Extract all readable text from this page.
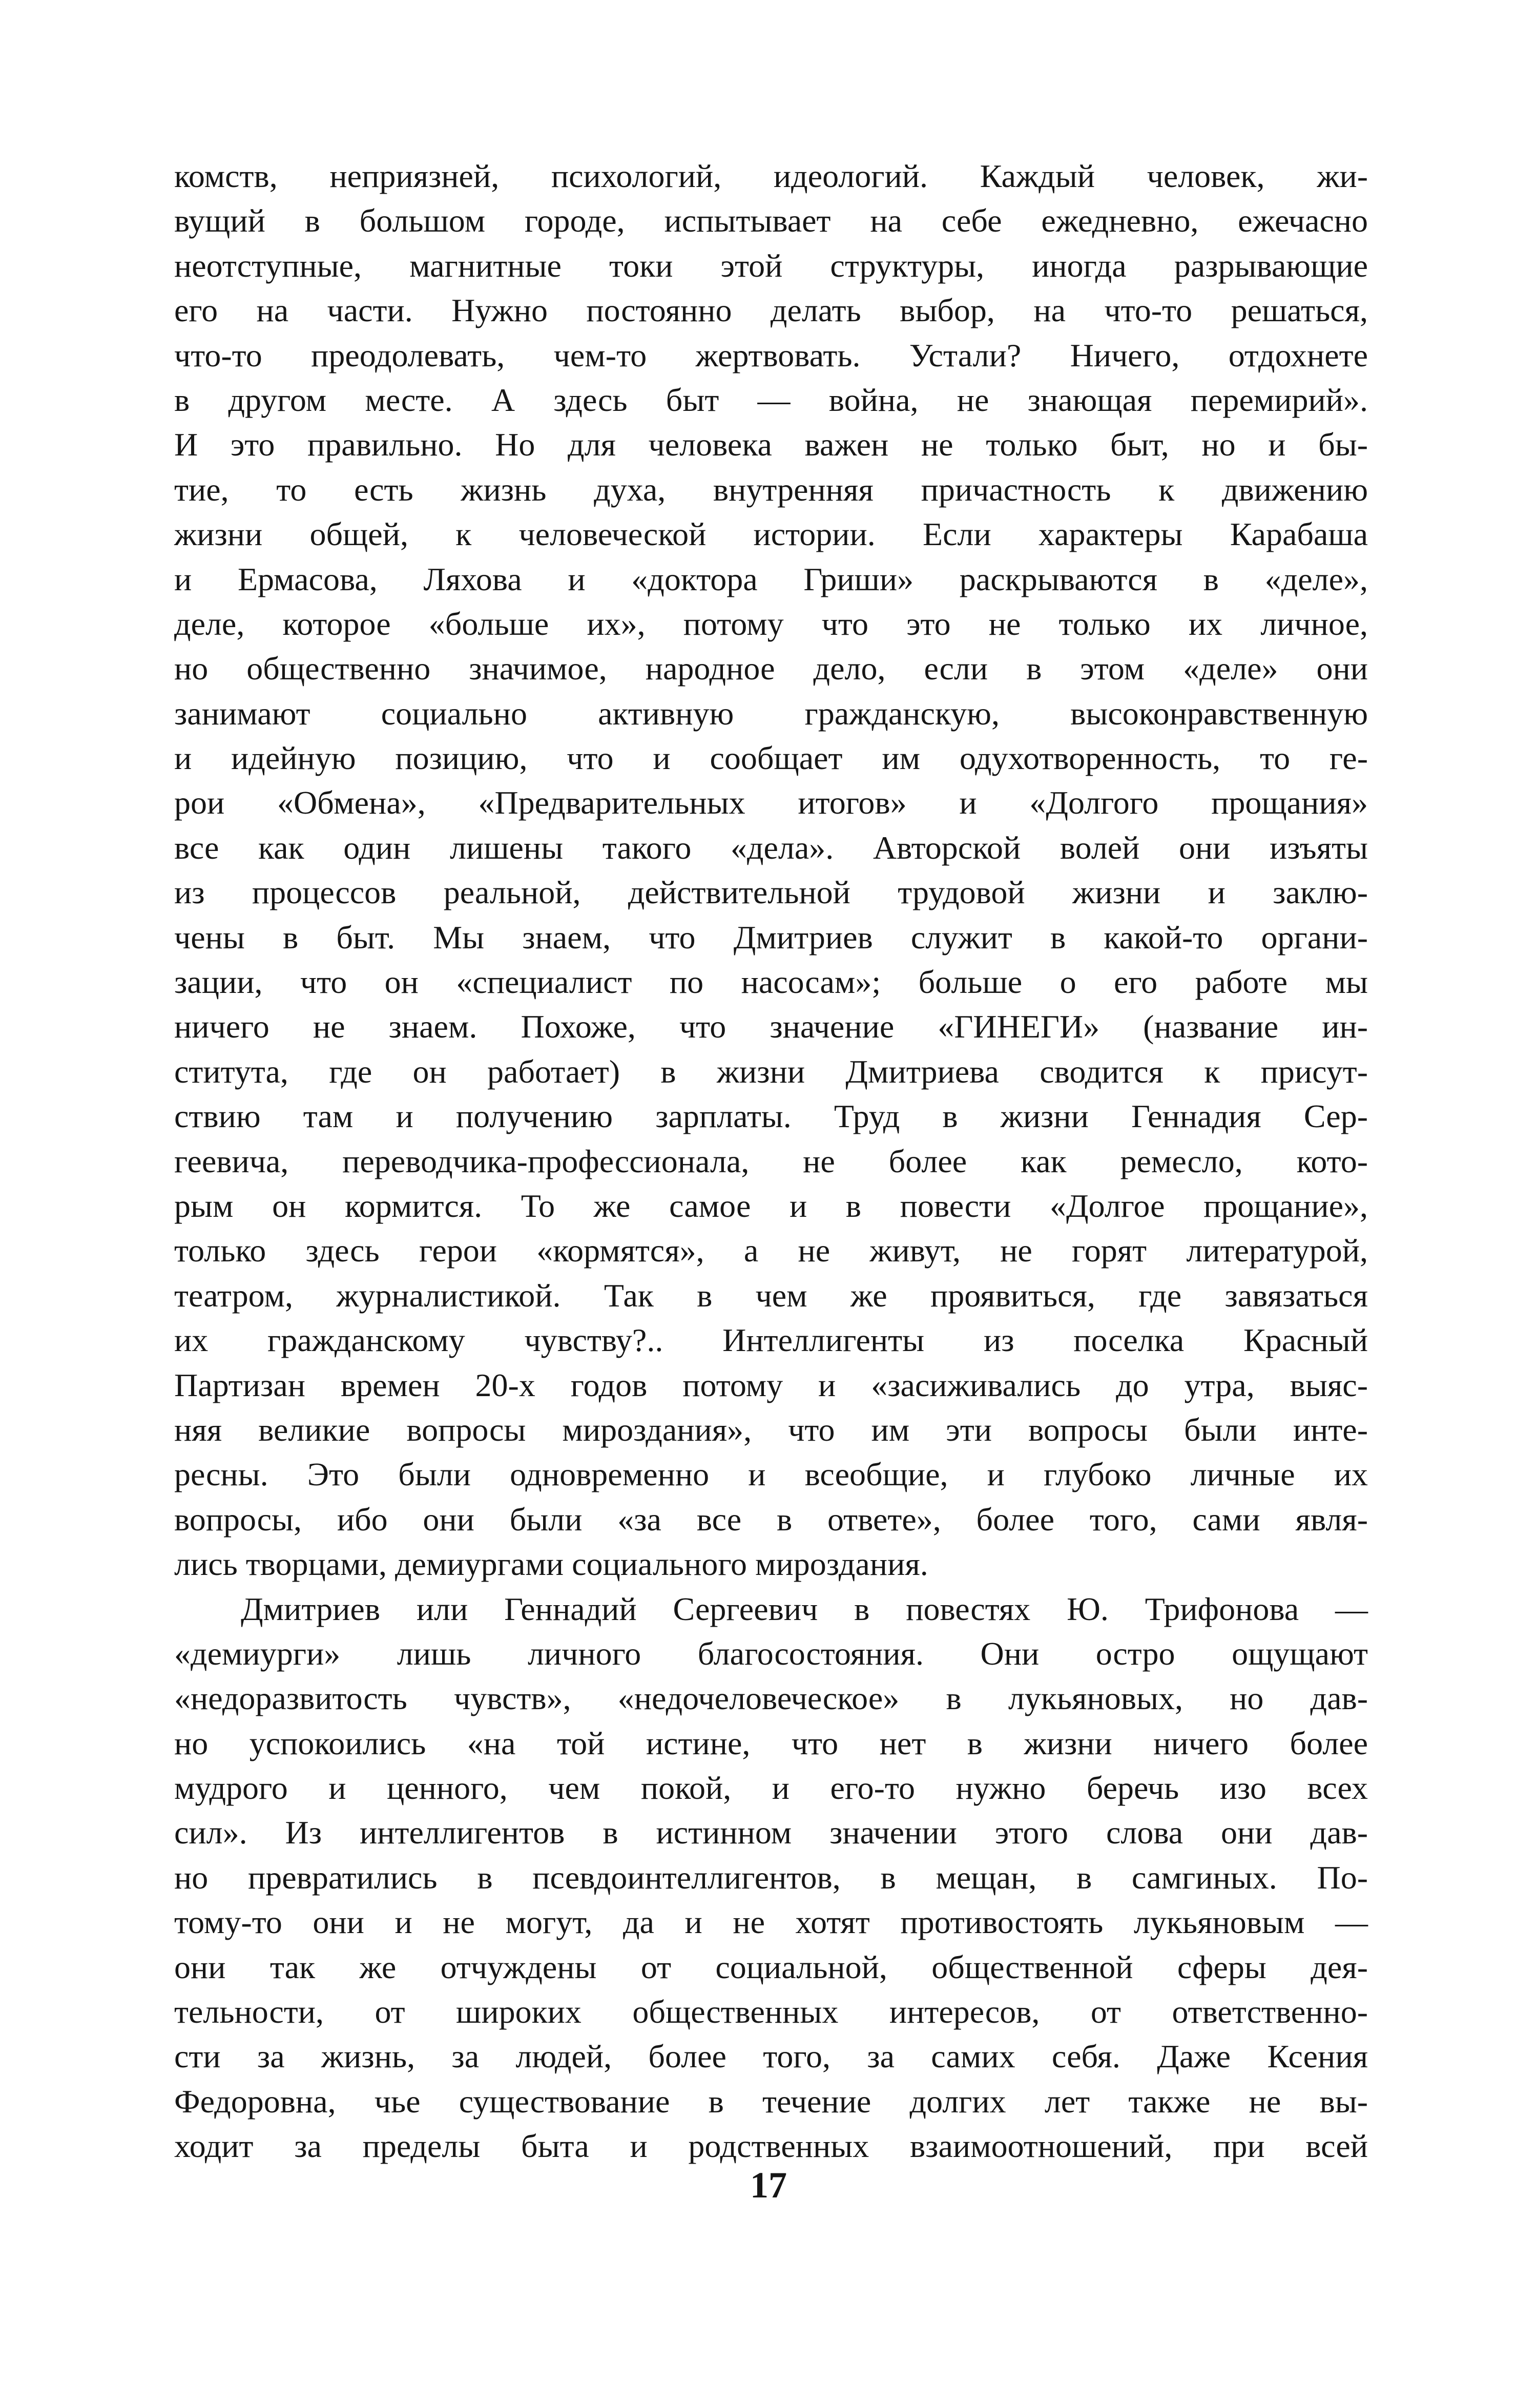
комств, неприязней, психологий, идеологий. Каждый человек, жи-
вущий в большом городе, испытывает на себе ежедневно, ежечасно
неотступные, магнитные токи этой структуры, иногда разрывающие
его на части. Нужно постоянно делать выбор, на что-то решаться,
что-то преодолевать, чем-то жертвовать. Устали? Ничего, отдохнете
в другом месте. А здесь быт — война, не знающая перемирий».
И это правильно. Но для человека важен не только быт, но и бы-
тие, то есть жизнь духа, внутренняя причастность к движению
жизни общей, к человеческой истории. Если характеры Карабаша
и Ермасова, Ляхова и «доктора Гриши» раскрываются в «деле»,
деле, которое «больше их», потому что это не только их личное,
но общественно значимое, народное дело, если в этом «деле» они
занимают социально активную гражданскую, высоконравственную
и идейную позицию, что и сообщает им одухотворенность, то ге-
рои «Обмена», «Предварительных итогов» и «Долгого прощания»
все как один лишены такого «дела». Авторской волей они изъяты
из процессов реальной, действительной трудовой жизни и заклю-
чены в быт. Мы знаем, что Дмитриев служит в какой-то органи-
зации, что он «специалист по насосам»; больше о его работе мы
ничего не знаем. Похоже, что значение «ГИНЕГИ» (название ин-
ститута, где он работает) в жизни Дмитриева сводится к присут-
ствию там и получению зарплаты. Труд в жизни Геннадия Сер-
геевича, переводчика-профессионала, не более как ремесло, кото-
рым он кормится. То же самое и в повести «Долгое прощание»,
только здесь герои «кормятся», а не живут, не горят литературой,
театром, журналистикой. Так в чем же проявиться, где завязаться
их гражданскому чувству?.. Интеллигенты из поселка Красный
Партизан времен 20-х годов потому и «засиживались до утра, выяс-
няя великие вопросы мироздания», что им эти вопросы были инте-
ресны. Это были одновременно и всеобщие, и глубоко личные их
вопросы, ибо они были «за все в ответе», более того, сами явля-
лись творцами, демиургами социального мироздания.
Дмитриев или Геннадий Сергеевич в повестях Ю. Трифонова —
«демиурги» лишь личного благосостояния. Они остро ощущают
«недоразвитость чувств», «недочеловеческое» в лукьяновых, но дав-
но успокоились «на той истине, что нет в жизни ничего более
мудрого и ценного, чем покой, и его-то нужно беречь изо всех
сил». Из интеллигентов в истинном значении этого слова они дав-
но превратились в псевдоинтеллигентов, в мещан, в самгиных. По-
тому-то они и не могут, да и не хотят противостоять лукьяновым —
они так же отчуждены от социальной, общественной сферы дея-
тельности, от широких общественных интересов, от ответственно-
сти за жизнь, за людей, более того, за самих себя. Даже Ксения
Федоровна, чье существование в течение долгих лет также не вы-
ходит за пределы быта и родственных взаимоотношений, при всей
17
